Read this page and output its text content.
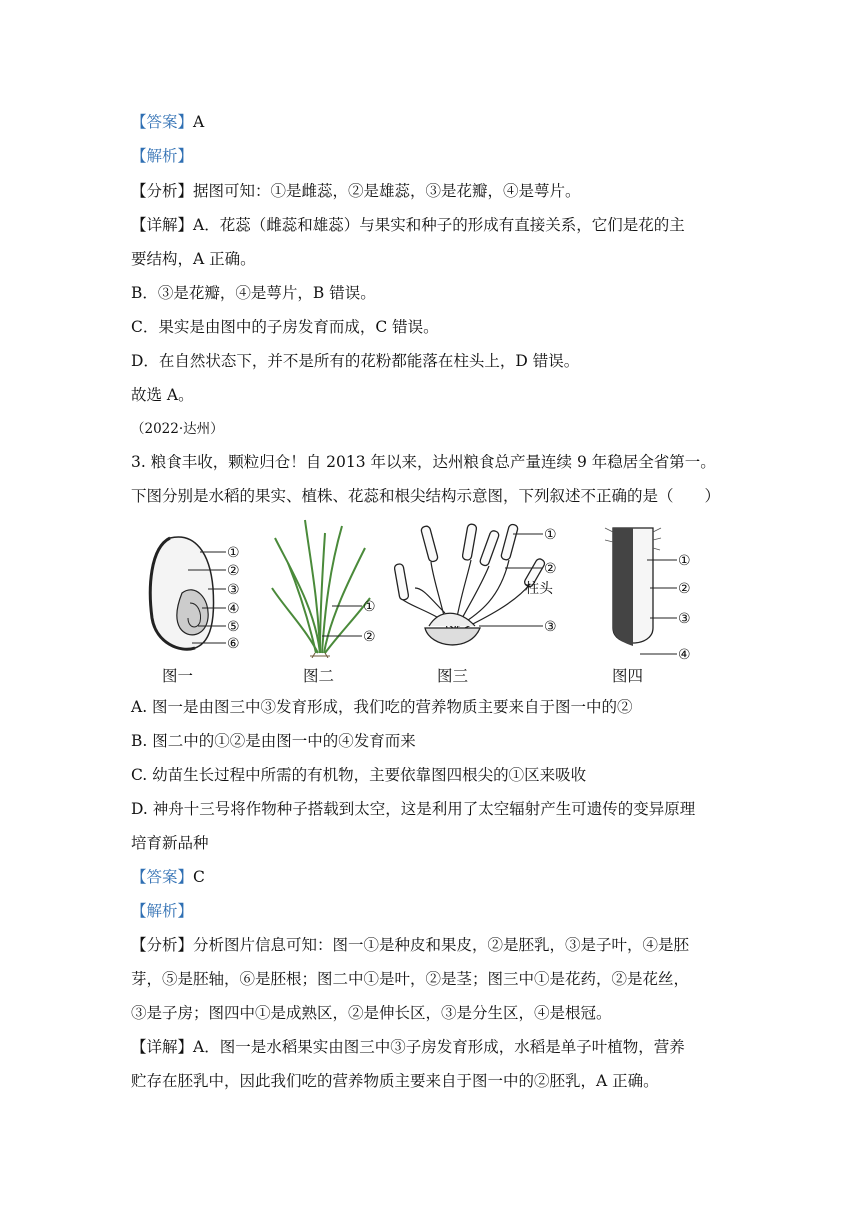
【答案】A
【解析】
【分析】据图可知：①是雌蕊，②是雄蕊，③是花瓣，④是萼片。
【详解】A．花蕊（雌蕊和雄蕊）与果实和种子的形成有直接关系，它们是花的主
要结构，A 正确。
B．③是花瓣，④是萼片，B 错误。
C．果实是由图中的子房发育而成，C 错误。
D．在自然状态下，并不是所有的花粉都能落在柱头上，D 错误。
故选 A。
（2022·达州）
3. 粮食丰收，颗粒归仓！自 2013 年以来，达州粮食总产量连续 9 年稳居全省第一。
下图分别是水稻的果实、植株、花蕊和根尖结构示意图，下列叙述不正确的是（　　）
①
②
③
④
⑤
⑥
①
②
①
②
③
柱头
①
②
③
④
图一	图二	图三	图四
A. 图一是由图三中③发育形成，我们吃的营养物质主要来自于图一中的②
B. 图二中的①②是由图一中的④发育而来
C. 幼苗生长过程中所需的有机物，主要依靠图四根尖的①区来吸收
D. 神舟十三号将作物种子搭载到太空，这是利用了太空辐射产生可遗传的变异原理
培育新品种
【答案】C
【解析】
【分析】分析图片信息可知：图一①是种皮和果皮，②是胚乳，③是子叶，④是胚
芽，⑤是胚轴，⑥是胚根；图二中①是叶，②是茎；图三中①是花药，②是花丝，
③是子房；图四中①是成熟区，②是伸长区，③是分生区，④是根冠。
【详解】A．图一是水稻果实由图三中③子房发育形成，水稻是单子叶植物，营养
贮存在胚乳中，因此我们吃的营养物质主要来自于图一中的②胚乳，A 正确。
